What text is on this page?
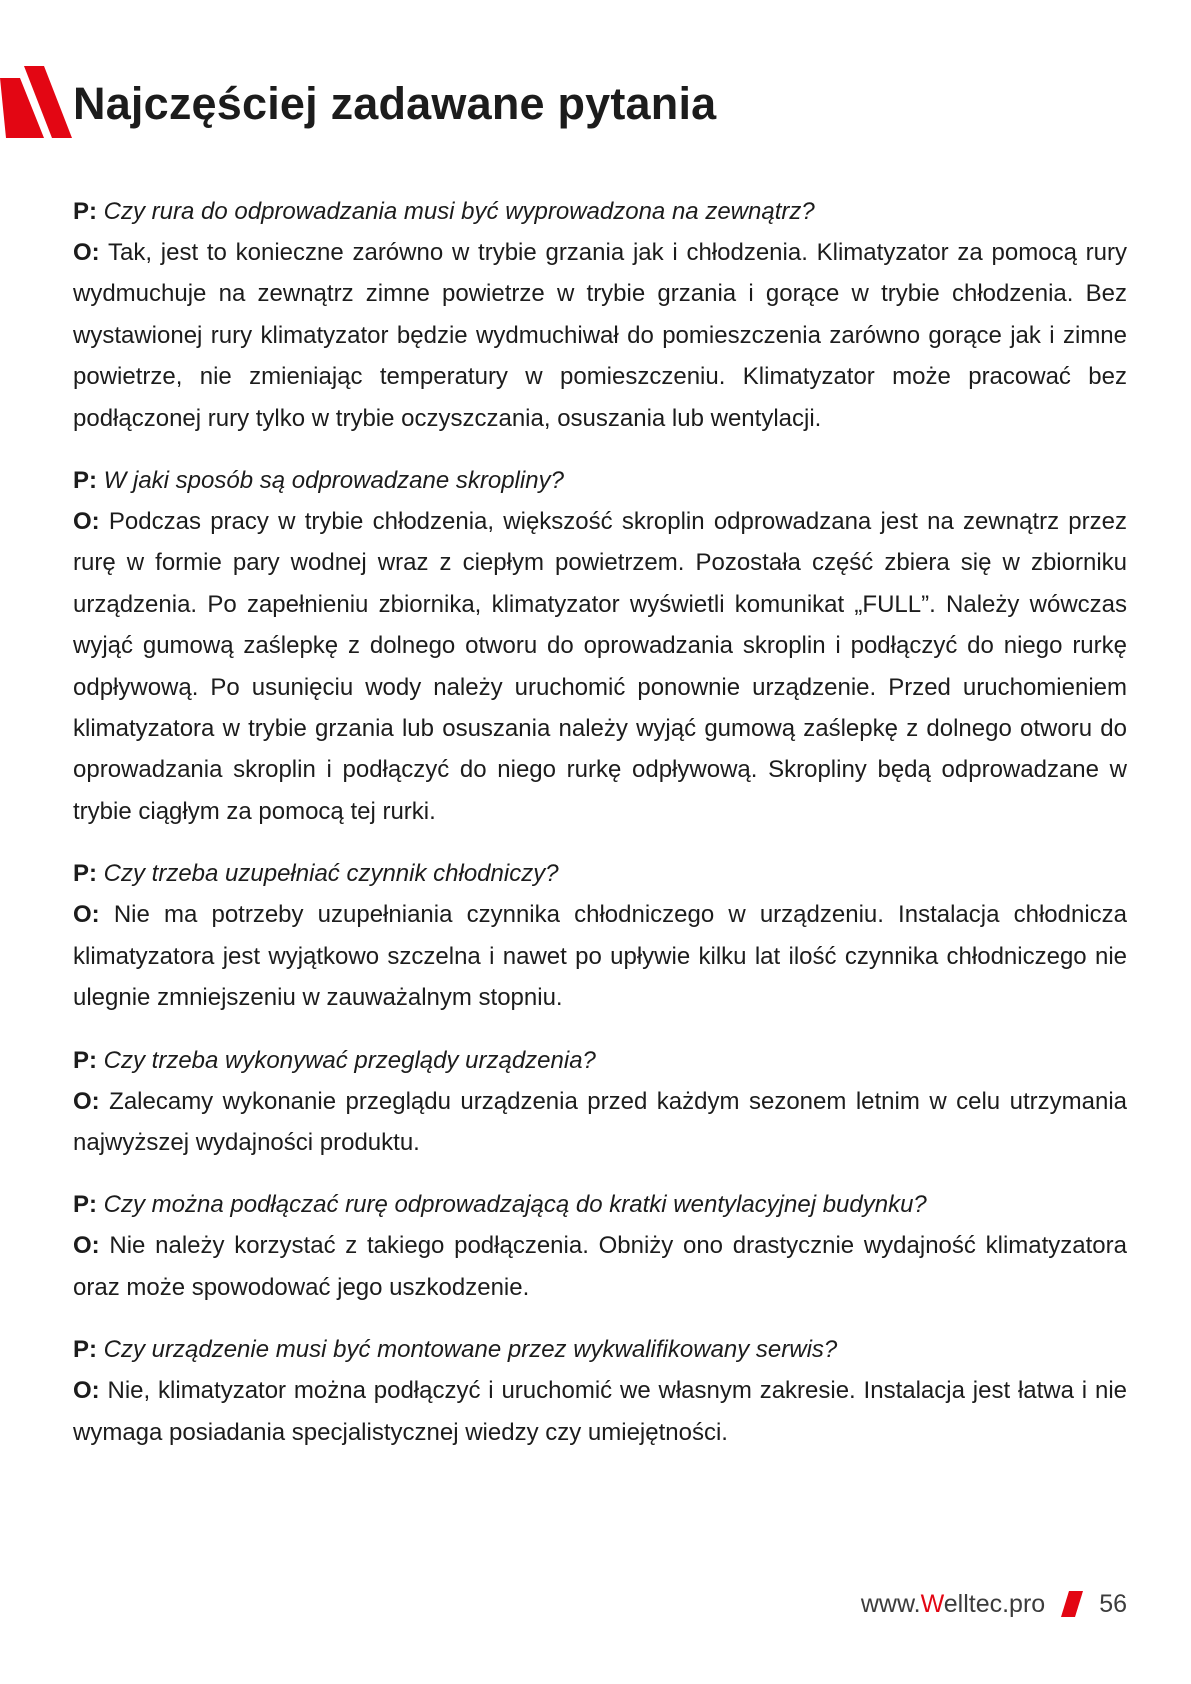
Najczęściej zadawane pytania

P: Czy rura do odprowadzania musi być wyprowadzona na zewnątrz?

O: Tak, jest to konieczne zarówno w trybie grzania jak i chłodzenia. Klimatyzator za pomocą rury wydmuchuje na zewnątrz zimne powietrze w trybie grzania i gorące w trybie chłodzenia. Bez wystawionej rury klimatyzator będzie wydmuchiwał do pomieszczenia zarówno gorące jak i zimne powietrze, nie zmieniając temperatury w pomieszczeniu. Klimatyzator może pracować bez podłączonej rury tylko w trybie oczyszczania, osuszania lub wentylacji.

P: W jaki sposób są odprowadzane skropliny?

O: Podczas pracy w trybie chłodzenia, większość skroplin odprowadzana jest na zewnątrz przez rurę w formie pary wodnej wraz z ciepłym powietrzem. Pozostała część zbiera się w zbiorniku urządzenia. Po zapełnieniu zbiornika, klimatyzator wyświetli komunikat „FULL”. Należy wówczas wyjąć gumową zaślepkę z dolnego otworu do oprowadzania skroplin i podłączyć do niego rurkę odpływową. Po usunięciu wody należy uruchomić ponownie urządzenie. Przed uruchomieniem klimatyzatora w trybie grzania lub osuszania należy wyjąć gumową zaślepkę z dolnego otworu do oprowadzania skroplin i podłączyć do niego rurkę odpływową. Skropliny będą odprowadzane w trybie ciągłym za pomocą tej rurki.

P: Czy trzeba uzupełniać czynnik chłodniczy?

O: Nie ma potrzeby uzupełniania czynnika chłodniczego w urządzeniu. Instalacja chłodnicza klimatyzatora jest wyjątkowo szczelna i nawet po upływie kilku lat ilość czynnika chłodniczego nie ulegnie zmniejszeniu w zauważalnym stopniu.

P: Czy trzeba wykonywać przeglądy urządzenia?

O: Zalecamy wykonanie przeglądu urządzenia przed każdym sezonem letnim w celu utrzymania najwyższej wydajności produktu.

P: Czy można podłączać rurę odprowadzającą do kratki wentylacyjnej budynku?

O: Nie należy korzystać z takiego podłączenia. Obniży ono drastycznie wydajność klimatyzatora oraz może spowodować jego uszkodzenie.

P: Czy urządzenie musi być montowane przez wykwalifikowany serwis?

O: Nie, klimatyzator można podłączyć i uruchomić we własnym zakresie. Instalacja jest łatwa i nie wymaga posiadania specjalistycznej wiedzy czy umiejętności.

www.Welltec.pro 56
